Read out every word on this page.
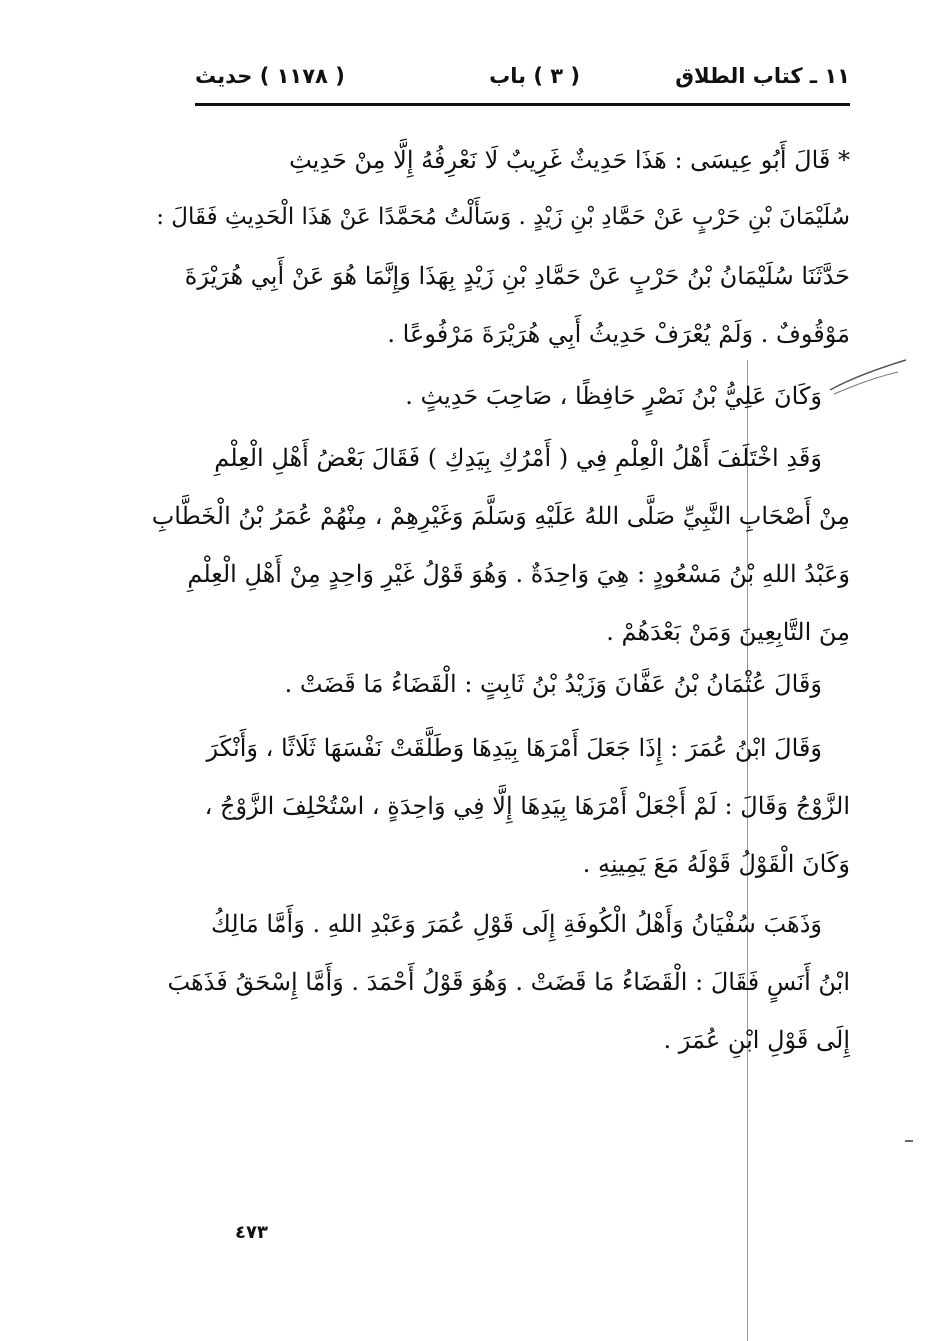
١١ ـ كتاب الطلاق
( ٣ ) باب
( ١١٧٨ ) حديث
* قَالَ أَبُو عِيسَى : هَذَا حَدِيثٌ غَرِيبٌ لَا نَعْرِفُهُ إِلَّا مِنْ حَدِيثِ
سُلَيْمَانَ بْنِ حَرْبٍ عَنْ حَمَّادِ بْنِ زَيْدٍ . وَسَأَلْتُ مُحَمَّدًا عَنْ هَذَا الْحَدِيثِ فَقَالَ :
حَدَّثَنَا سُلَيْمَانُ بْنُ حَرْبٍ عَنْ حَمَّادِ بْنِ زَيْدٍ بِهَذَا وَإِنَّمَا هُوَ عَنْ أَبِي هُرَيْرَةَ
مَوْقُوفٌ . وَلَمْ يُعْرَفْ حَدِيثُ أَبِي هُرَيْرَةَ مَرْفُوعًا .
وَكَانَ عَلِيُّ بْنُ نَصْرٍ حَافِظًا ، صَاحِبَ حَدِيثٍ .
وَقَدِ اخْتَلَفَ أَهْلُ الْعِلْمِ فِي ( أَمْرُكِ بِيَدِكِ ) فَقَالَ بَعْضُ أَهْلِ الْعِلْمِ
مِنْ أَصْحَابِ النَّبِيِّ صَلَّى اللهُ عَلَيْهِ وَسَلَّمَ وَغَيْرِهِمْ ، مِنْهُمْ عُمَرُ بْنُ الْخَطَّابِ
وَعَبْدُ اللهِ بْنُ مَسْعُودٍ : هِيَ وَاحِدَةٌ . وَهُوَ قَوْلُ غَيْرِ وَاحِدٍ مِنْ أَهْلِ الْعِلْمِ
مِنَ التَّابِعِينَ وَمَنْ بَعْدَهُمْ .
وَقَالَ عُثْمَانُ بْنُ عَفَّانَ وَزَيْدُ بْنُ ثَابِتٍ : الْقَضَاءُ مَا قَضَتْ .
وَقَالَ ابْنُ عُمَرَ : إِذَا جَعَلَ أَمْرَهَا بِيَدِهَا وَطَلَّقَتْ نَفْسَهَا ثَلَاثًا ، وَأَنْكَرَ
الزَّوْجُ وَقَالَ : لَمْ أَجْعَلْ أَمْرَهَا بِيَدِهَا إِلَّا فِي وَاحِدَةٍ ، اسْتُحْلِفَ الزَّوْجُ ،
وَكَانَ الْقَوْلُ قَوْلَهُ مَعَ يَمِينِهِ .
وَذَهَبَ سُفْيَانُ وَأَهْلُ الْكُوفَةِ إِلَى قَوْلِ عُمَرَ وَعَبْدِ اللهِ . وَأَمَّا مَالِكُ
ابْنُ أَنَسٍ فَقَالَ : الْقَضَاءُ مَا قَضَتْ . وَهُوَ قَوْلُ أَحْمَدَ . وَأَمَّا إِسْحَقُ فَذَهَبَ
إِلَى قَوْلِ ابْنِ عُمَرَ .
٤٧٣
